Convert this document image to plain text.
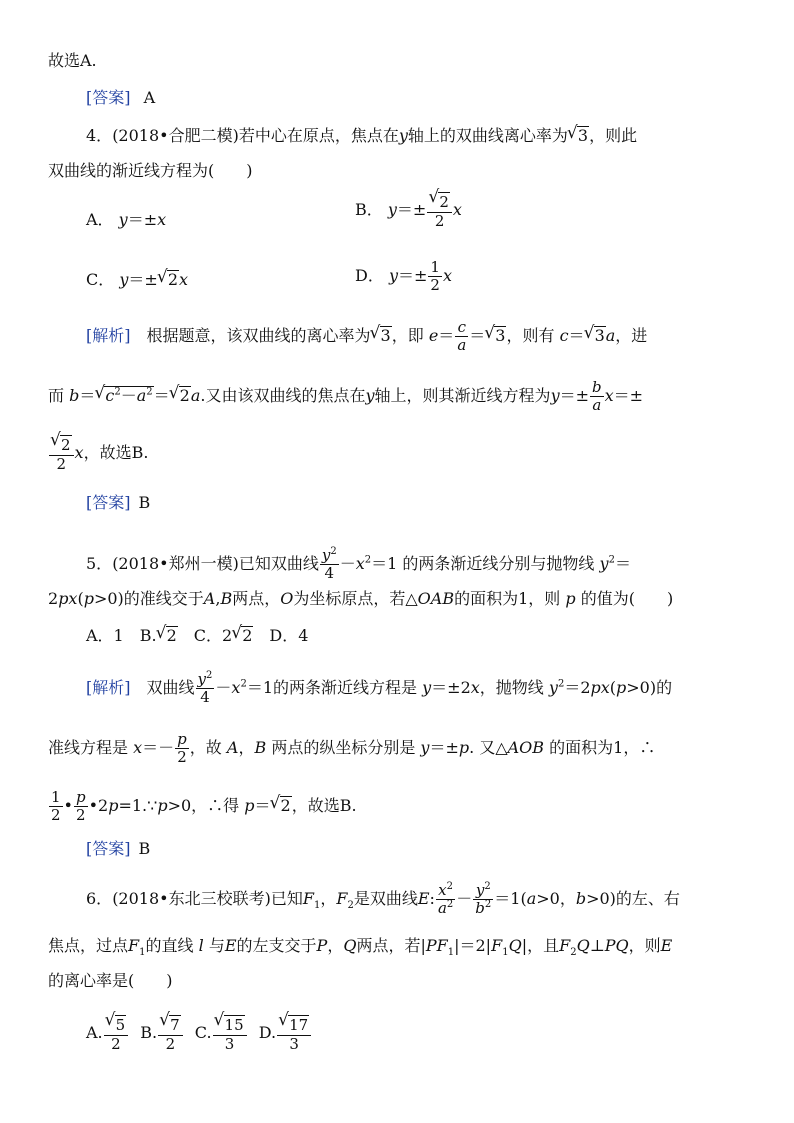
故选A.
[答案] A
4．(2018•合肥二模)若中心在原点，焦点在y轴上的双曲线离心率为√ 3，则此
双曲线的渐近线方程为(　　)
A． y＝±x
B． y＝±
√ $\frac{2}{2}$ x
C． y＝±√ 2x	D． $y=\pm \frac{1}{2}$ x
[解析]　 根据题意，该双曲线的离心率为√ 3，即 $e= \frac{c}{a}$ ＝√ 3，则有 c＝√ 3a，进
而 b＝√ $c^2-a^2=√$ 2a.又由该双曲线的焦点在y轴上，则其渐近线方程为$y=\pm \frac{b}{a} x=\pm$
√ $\frac{2}{2}$ x，故选B.
[答案] B
5．(2018•郑州一模)已知双曲线 $\frac{y^2}{4} -x^2=1$ 的两条渐近线分别与抛物线 $y^2=$
2px(p>0)的准线交于A,B两点，O为坐标原点，若△OAB的面积为1，则 p 的值为(　　)
A．1　B.√ 2　C．2√ 2　D．4
[解析]　 双曲线 $\frac{y^2}{4} -x^2=1$的两条渐近线方程是 y＝±2x，抛物线 $y^2=2px(p>0)$的
准线方程是 $x=- \frac{p}{2}$ ，故 A，B 两点的纵坐标分别是 y＝±p. 又△AOB 的面积为1，∴
$\frac{1}{2}$ • $\frac{p}{2}$ •2p=1.∵p>0，∴得 p＝√ 2，故选B.
[答案] B
6．(2018•东北三校联考)已知$F_1$，$F_2$是双曲线E: $\frac{x^2}{a^2} - \frac{y^2}{b^2} =1(a>0$，b>0)的左、右
焦点，过点$F_1$的直线 l 与E的左支交于P，Q两点，若$|PF_1|=2|F_1Q|$，且$F_2Q\perp PQ$，则E
的离心率是(　　)
A.
√ $\frac{5}{2} B$.
√ $\frac{7}{2} C$.
√ $\frac{15}{3} D$.
√ $\frac{17}{3}$
